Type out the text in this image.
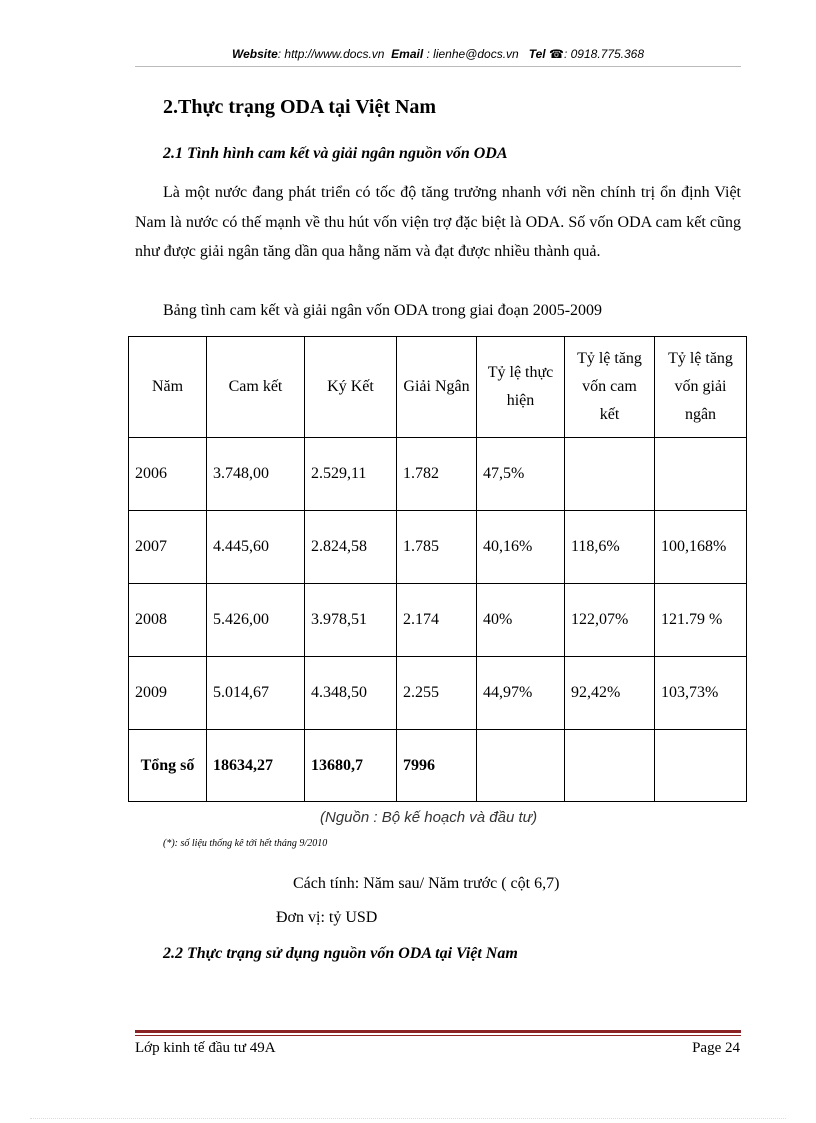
Website: http://www.docs.vn Email : lienhe@docs.vn Tel ☎: 0918.775.368
2.Thực trạng ODA tại Việt Nam
2.1 Tình hình cam kết và giải ngân nguồn vốn ODA
Là một nước đang phát triển có tốc độ tăng trưởng nhanh với nền chính trị ổn định Việt Nam là nước có thế mạnh về thu hút vốn viện trợ đặc biệt là ODA. Số vốn ODA cam kết cũng như được giải ngân tăng dần qua hằng năm và đạt được nhiều thành quả.
Bảng tình cam kết và giải ngân vốn ODA trong giai đoạn 2005-2009
Năm	Cam kết	Ký Kết	Giải Ngân	Tỷ lệ thực hiện	Tỷ lệ tăng vốn cam kết	Tỷ lệ tăng vốn giải ngân
2006	3.748,00	2.529,11	1.782	47,5%		
2007	4.445,60	2.824,58	1.785	40,16%	118,6%	100,168%
2008	5.426,00	3.978,51	2.174	40%	122,07%	121.79 %
2009	5.014,67	4.348,50	2.255	44,97%	92,42%	103,73%
Tổng số	18634,27	13680,7	7996			
(Nguồn : Bộ kế hoạch và đầu tư)
(*): số liệu thống kê tới hết tháng 9/2010
Cách tính: Năm sau/ Năm trước ( cột 6,7)
Đơn vị: tỷ USD
2.2 Thực trạng sử dụng nguồn vốn ODA tại Việt Nam
Lớp kinh tế đầu tư 49A	Page 24
